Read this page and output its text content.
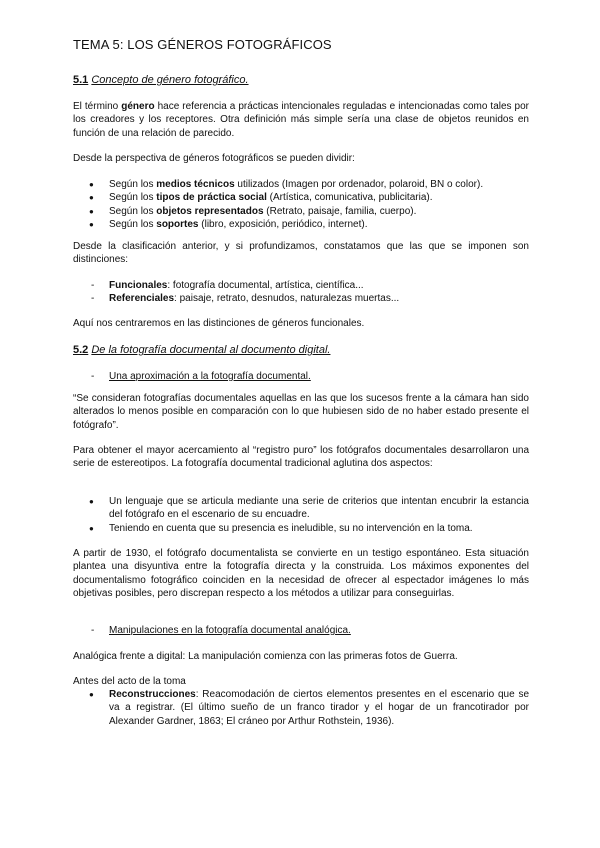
TEMA 5: LOS GÉNEROS FOTOGRÁFICOS
5.1 Concepto de género fotográfico.
El término género hace referencia a prácticas intencionales reguladas e intencionadas como tales por los creadores y los receptores. Otra definición más simple sería una clase de objetos reunidos en función de una relación de parecido.
Desde la perspectiva de géneros fotográficos se pueden dividir:
● Según los medios técnicos utilizados (Imagen por ordenador, polaroid, BN o color).
● Según los tipos de práctica social (Artística, comunicativa, publicitaria).
● Según los objetos representados (Retrato, paisaje, familia, cuerpo).
● Según los soportes (libro, exposición, periódico, internet).
Desde la clasificación anterior, y si profundizamos, constatamos que las que se imponen son distinciones:
- Funcionales: fotografía documental, artística, científica...
- Referenciales: paisaje, retrato, desnudos, naturalezas muertas...
Aquí nos centraremos en las distinciones de géneros funcionales.
5.2 De la fotografía documental al documento digital.
- Una aproximación a la fotografía documental.
“Se consideran fotografías documentales aquellas en las que los sucesos frente a la cámara han sido alterados lo menos posible en comparación con lo que hubiesen sido de no haber estado presente el fotógrafo”.
Para obtener el mayor acercamiento al “registro puro” los fotógrafos documentales desarrollaron una serie de estereotipos. La fotografía documental tradicional aglutina dos aspectos:
● Un lenguaje que se articula mediante una serie de criterios que intentan encubrir la estancia del fotógrafo en el escenario de su encuadre.
● Teniendo en cuenta que su presencia es ineludible, su no intervención en la toma.
A partir de 1930, el fotógrafo documentalista se convierte en un testigo espontáneo. Esta situación plantea una disyuntiva entre la fotografía directa y la construida. Los máximos exponentes del documentalismo fotográfico coinciden en la necesidad de ofrecer al espectador imágenes lo más objetivas posibles, pero discrepan respecto a los métodos a utilizar para conseguirlas.
- Manipulaciones en la fotografía documental analógica.
Analógica frente a digital: La manipulación comienza con las primeras fotos de Guerra.
Antes del acto de la toma
● Reconstrucciones: Reacomodación de ciertos elementos presentes en el escenario que se va a registrar. (El último sueño de un franco tirador y el hogar de un francotirador por Alexander Gardner, 1863; El cráneo por Arthur Rothstein, 1936).
